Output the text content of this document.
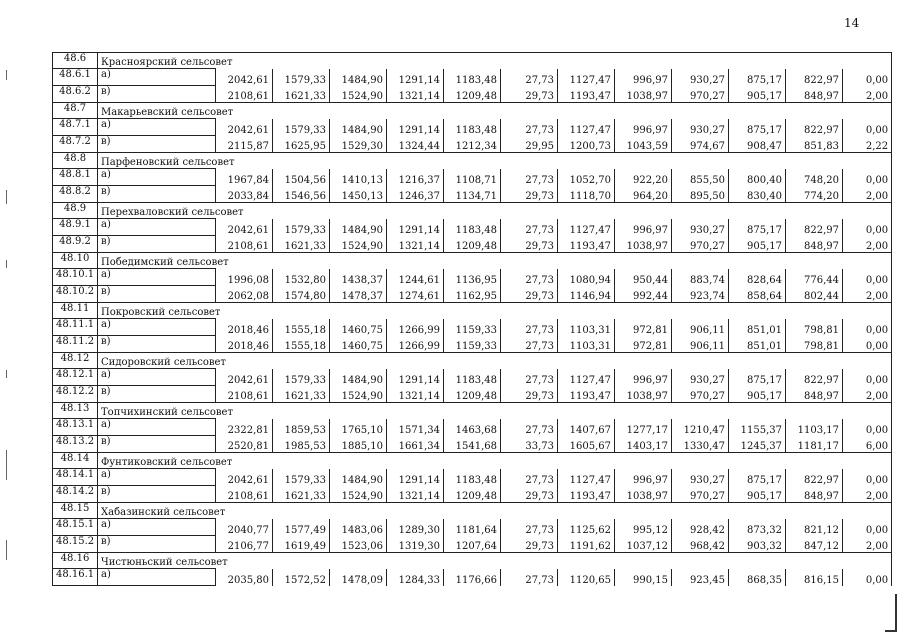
14
48.6	Красноярский сельсовет												
48.6.1	а)	2042,61	1579,33	1484,90	1291,14	1183,48	27,73	1127,47	996,97	930,27	875,17	822,97	0,00
48.6.2	в)	2108,61	1621,33	1524,90	1321,14	1209,48	29,73	1193,47	1038,97	970,27	905,17	848,97	2,00
48.7	Макарьевский сельсовет												
48.7.1	а)	2042,61	1579,33	1484,90	1291,14	1183,48	27,73	1127,47	996,97	930,27	875,17	822,97	0,00
48.7.2	в)	2115,87	1625,95	1529,30	1324,44	1212,34	29,95	1200,73	1043,59	974,67	908,47	851,83	2,22
48.8	Парфеновский сельсовет												
48.8.1	а)	1967,84	1504,56	1410,13	1216,37	1108,71	27,73	1052,70	922,20	855,50	800,40	748,20	0,00
48.8.2	в)	2033,84	1546,56	1450,13	1246,37	1134,71	29,73	1118,70	964,20	895,50	830,40	774,20	2,00
48.9	Перехваловский сельсовет												
48.9.1	а)	2042,61	1579,33	1484,90	1291,14	1183,48	27,73	1127,47	996,97	930,27	875,17	822,97	0,00
48.9.2	в)	2108,61	1621,33	1524,90	1321,14	1209,48	29,73	1193,47	1038,97	970,27	905,17	848,97	2,00
48.10	Победимский сельсовет												
48.10.1	а)	1996,08	1532,80	1438,37	1244,61	1136,95	27,73	1080,94	950,44	883,74	828,64	776,44	0,00
48.10.2	в)	2062,08	1574,80	1478,37	1274,61	1162,95	29,73	1146,94	992,44	923,74	858,64	802,44	2,00
48.11	Покровский сельсовет												
48.11.1	а)	2018,46	1555,18	1460,75	1266,99	1159,33	27,73	1103,31	972,81	906,11	851,01	798,81	0,00
48.11.2	в)	2018,46	1555,18	1460,75	1266,99	1159,33	27,73	1103,31	972,81	906,11	851,01	798,81	0,00
48.12	Сидоровский сельсовет												
48.12.1	а)	2042,61	1579,33	1484,90	1291,14	1183,48	27,73	1127,47	996,97	930,27	875,17	822,97	0,00
48.12.2	в)	2108,61	1621,33	1524,90	1321,14	1209,48	29,73	1193,47	1038,97	970,27	905,17	848,97	2,00
48.13	Топчихинский сельсовет												
48.13.1	а)	2322,81	1859,53	1765,10	1571,34	1463,68	27,73	1407,67	1277,17	1210,47	1155,37	1103,17	0,00
48.13.2	в)	2520,81	1985,53	1885,10	1661,34	1541,68	33,73	1605,67	1403,17	1330,47	1245,37	1181,17	6,00
48.14	Фунтиковский сельсовет												
48.14.1	а)	2042,61	1579,33	1484,90	1291,14	1183,48	27,73	1127,47	996,97	930,27	875,17	822,97	0,00
48.14.2	в)	2108,61	1621,33	1524,90	1321,14	1209,48	29,73	1193,47	1038,97	970,27	905,17	848,97	2,00
48.15	Хабазинский сельсовет												
48.15.1	а)	2040,77	1577,49	1483,06	1289,30	1181,64	27,73	1125,62	995,12	928,42	873,32	821,12	0,00
48.15.2	в)	2106,77	1619,49	1523,06	1319,30	1207,64	29,73	1191,62	1037,12	968,42	903,32	847,12	2,00
48.16	Чистюньский сельсовет												
48.16.1	а)	2035,80	1572,52	1478,09	1284,33	1176,66	27,73	1120,65	990,15	923,45	868,35	816,15	0,00
